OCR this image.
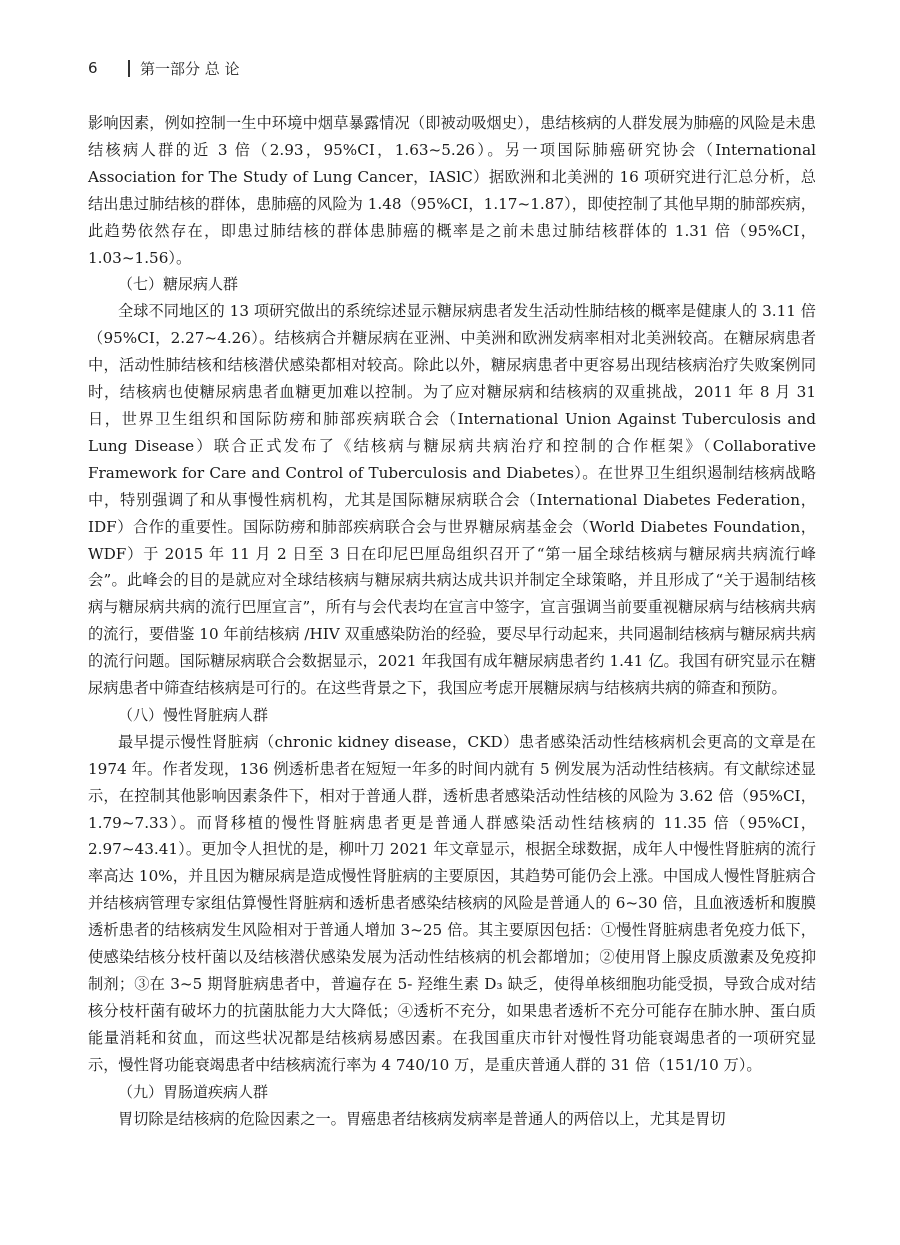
6	第一部分 总 论

影响因素，例如控制一生中环境中烟草暴露情况（即被动吸烟史），患结核病的人群发展为肺癌的风险是未患结核病人群的近 3 倍（2.93，95%CI，1.63~5.26）。另一项国际肺癌研究协会（International Association for The Study of Lung Cancer，IASlC）据欧洲和北美洲的 16 项研究进行汇总分析，总结出患过肺结核的群体，患肺癌的风险为 1.48（95%CI，1.17~1.87），即使控制了其他早期的肺部疾病，此趋势依然存在，即患过肺结核的群体患肺癌的概率是之前未患过肺结核群体的 1.31 倍（95%CI，1.03~1.56）。

（七）糖尿病人群

全球不同地区的 13 项研究做出的系统综述显示糖尿病患者发生活动性肺结核的概率是健康人的 3.11 倍（95%CI，2.27~4.26）。结核病合并糖尿病在亚洲、中美洲和欧洲发病率相对北美洲较高。在糖尿病患者中，活动性肺结核和结核潜伏感染都相对较高。除此以外，糖尿病患者中更容易出现结核病治疗失败案例同时，结核病也使糖尿病患者血糖更加难以控制。为了应对糖尿病和结核病的双重挑战，2011 年 8 月 31 日，世界卫生组织和国际防痨和肺部疾病联合会（International Union Against Tuberculosis and Lung Disease）联合正式发布了《结核病与糖尿病共病治疗和控制的合作框架》（Collaborative Framework for Care and Control of Tuberculosis and Diabetes）。在世界卫生组织遏制结核病战略中，特别强调了和从事慢性病机构，尤其是国际糖尿病联合会（International Diabetes Federation，IDF）合作的重要性。国际防痨和肺部疾病联合会与世界糖尿病基金会（World Diabetes Foundation，WDF）于 2015 年 11 月 2 日至 3 日在印尼巴厘岛组织召开了“第一届全球结核病与糖尿病共病流行峰会”。此峰会的目的是就应对全球结核病与糖尿病共病达成共识并制定全球策略，并且形成了“关于遏制结核病与糖尿病共病的流行巴厘宣言”，所有与会代表均在宣言中签字，宣言强调当前要重视糖尿病与结核病共病的流行，要借鉴 10 年前结核病 /HIV 双重感染防治的经验，要尽早行动起来，共同遏制结核病与糖尿病共病的流行问题。国际糖尿病联合会数据显示，2021 年我国有成年糖尿病患者约 1.41 亿。我国有研究显示在糖尿病患者中筛查结核病是可行的。在这些背景之下，我国应考虑开展糖尿病与结核病共病的筛查和预防。

（八）慢性肾脏病人群

最早提示慢性肾脏病（chronic kidney disease，CKD）患者感染活动性结核病机会更高的文章是在 1974 年。作者发现，136 例透析患者在短短一年多的时间内就有 5 例发展为活动性结核病。有文献综述显示，在控制其他影响因素条件下，相对于普通人群，透析患者感染活动性结核的风险为 3.62 倍（95%CI，1.79~7.33）。而肾移植的慢性肾脏病患者更是普通人群感染活动性结核病的 11.35 倍（95%CI，2.97~43.41）。更加令人担忧的是，柳叶刀 2021 年文章显示，根据全球数据，成年人中慢性肾脏病的流行率高达 10%，并且因为糖尿病是造成慢性肾脏病的主要原因，其趋势可能仍会上涨。中国成人慢性肾脏病合并结核病管理专家组估算慢性肾脏病和透析患者感染结核病的风险是普通人的 6~30 倍，且血液透析和腹膜透析患者的结核病发生风险相对于普通人增加 3~25 倍。其主要原因包括：①慢性肾脏病患者免疫力低下，使感染结核分枝杆菌以及结核潜伏感染发展为活动性结核病的机会都增加；②使用肾上腺皮质激素及免疫抑制剂；③在 3~5 期肾脏病患者中，普遍存在 5- 羟维生素 D₃ 缺乏，使得单核细胞功能受损，导致合成对结核分枝杆菌有破坏力的抗菌肽能力大大降低；④透析不充分，如果患者透析不充分可能存在肺水肿、蛋白质能量消耗和贫血，而这些状况都是结核病易感因素。在我国重庆市针对慢性肾功能衰竭患者的一项研究显示，慢性肾功能衰竭患者中结核病流行率为 4 740/10 万，是重庆普通人群的 31 倍（151/10 万）。

（九）胃肠道疾病人群

胃切除是结核病的危险因素之一。胃癌患者结核病发病率是普通人的两倍以上，尤其是胃切
